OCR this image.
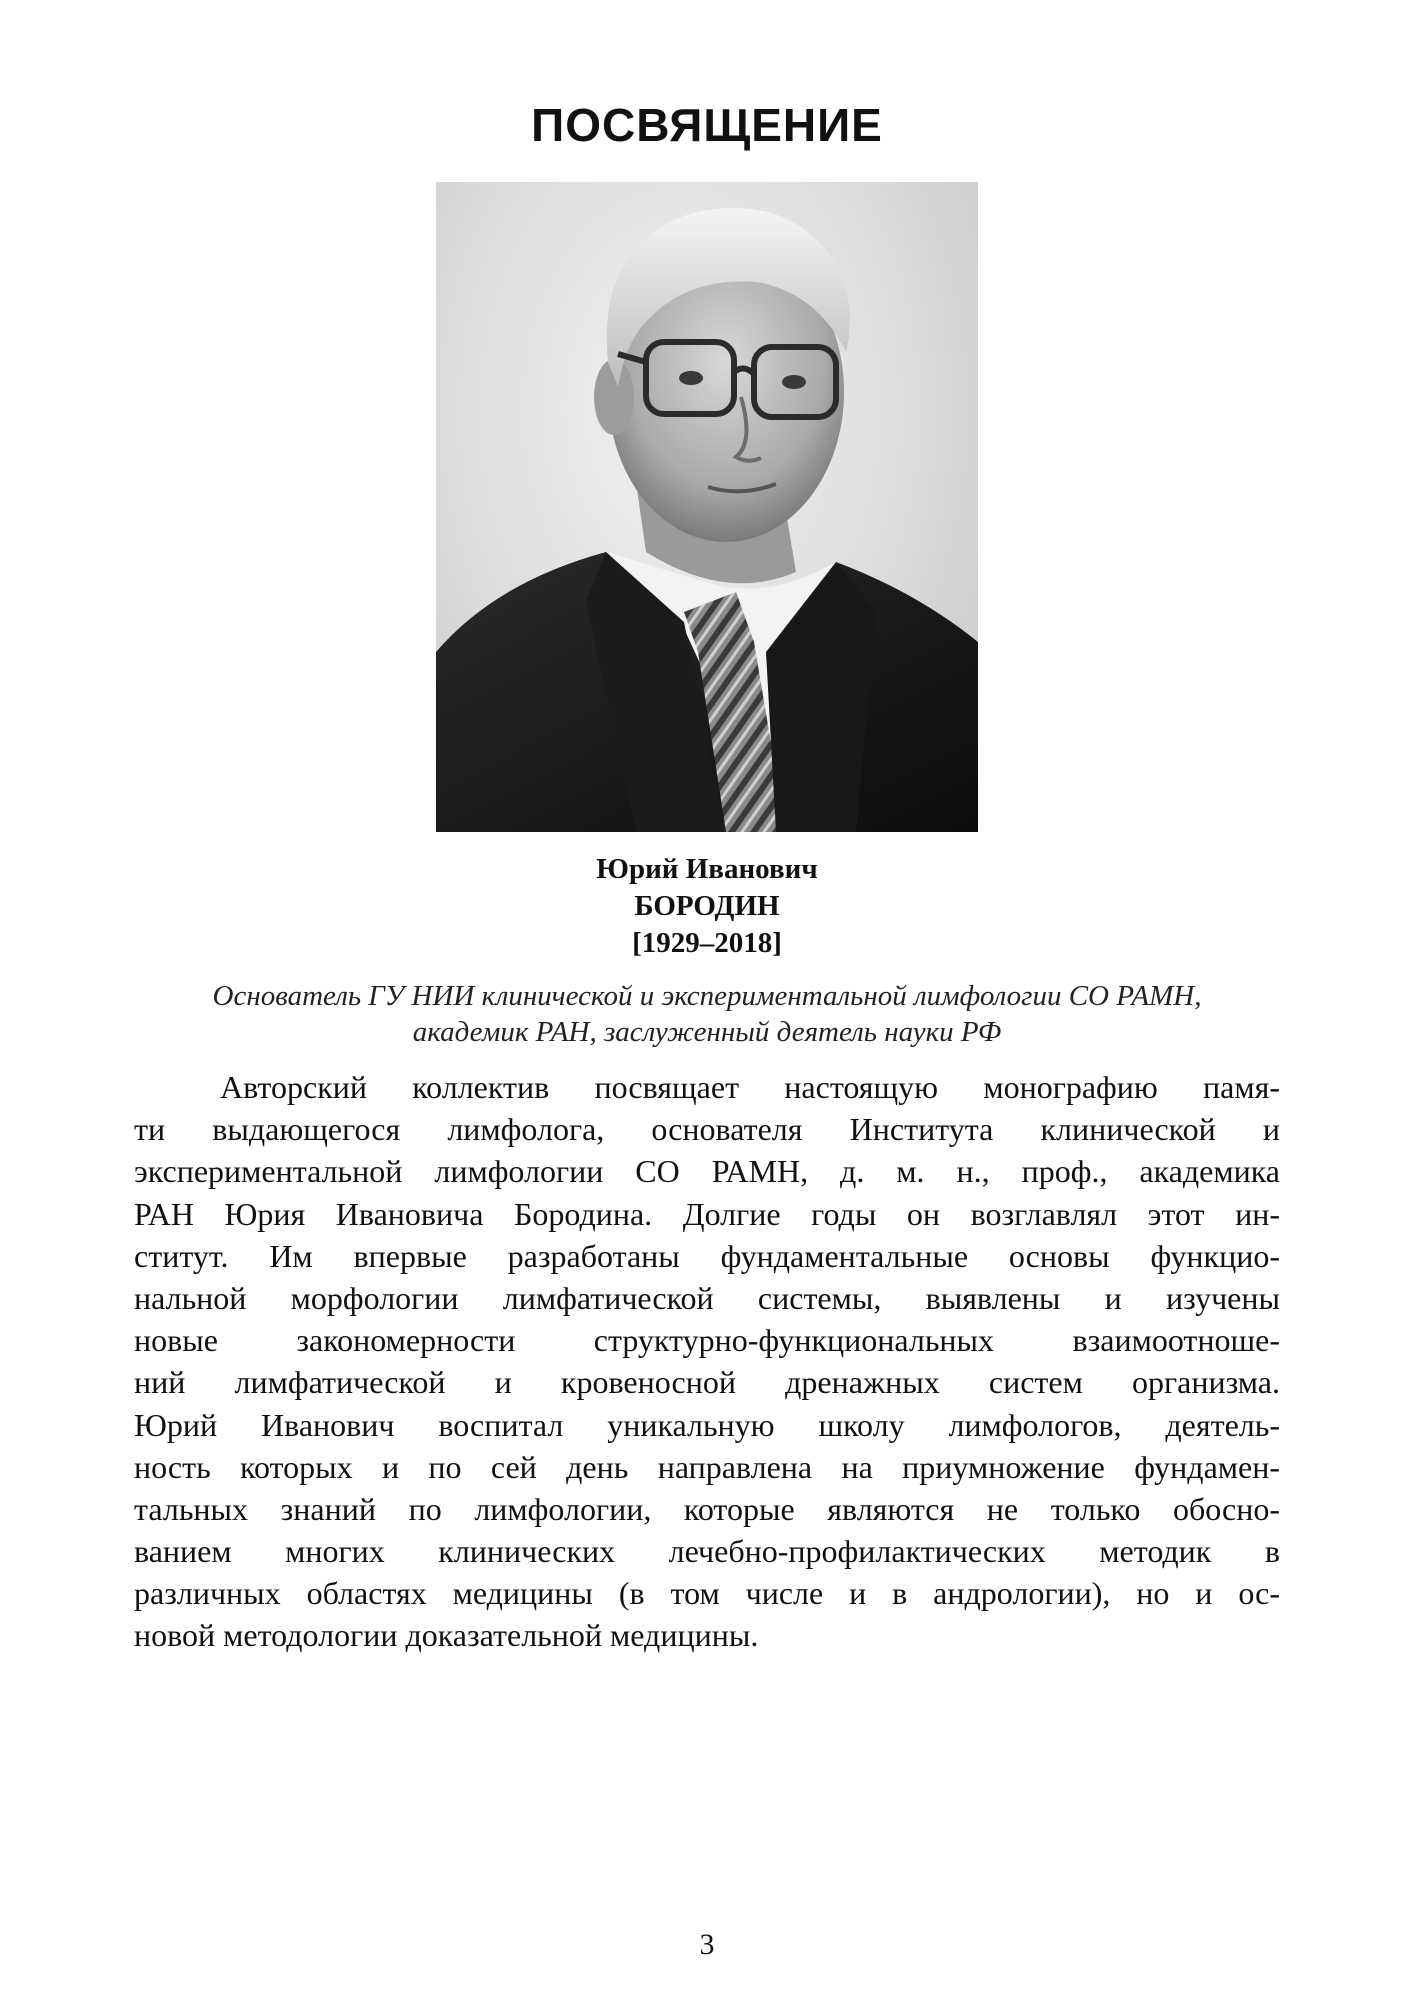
ПОСВЯЩЕНИЕ
Юрий Иванович
БОРОДИН
[1929–2018]
Основатель ГУ НИИ клинической и экспериментальной лимфологии СО РАМН,
академик РАН, заслуженный деятель науки РФ
Авторский коллектив посвящает настоящую монографию памя-
ти выдающегося лимфолога, основателя Института клинической и
экспериментальной лимфологии СО РАМН, д. м. н., проф., академика
РАН Юрия Ивановича Бородина. Долгие годы он возглавлял этот ин-
ститут. Им впервые разработаны фундаментальные основы функцио-
нальной морфологии лимфатической системы, выявлены и изучены
новые закономерности структурно-функциональных взаимоотноше-
ний лимфатической и кровеносной дренажных систем организма.
Юрий Иванович воспитал уникальную школу лимфологов, деятель-
ность которых и по сей день направлена на приумножение фундамен-
тальных знаний по лимфологии, которые являются не только обосно-
ванием многих клинических лечебно-профилактических методик в
различных областях медицины (в том числе и в андрологии), но и ос-
новой методологии доказательной медицины.
3
